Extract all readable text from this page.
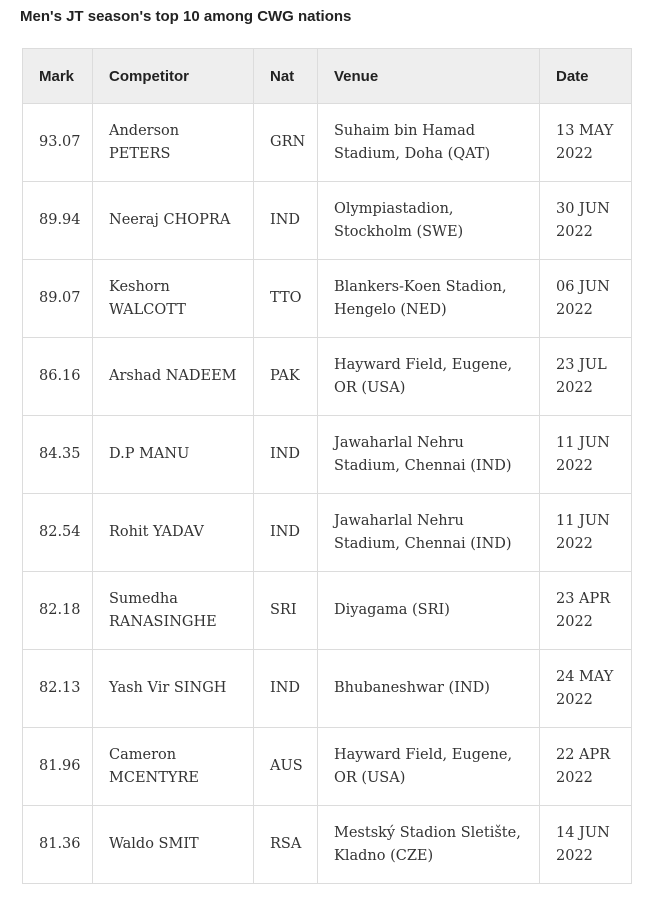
Men's JT season's top 10 among CWG nations
Mark	Competitor	Nat	Venue	Date
93.07	Anderson PETERS	GRN	Suhaim bin Hamad Stadium, Doha (QAT)	13 MAY 2022
89.94	Neeraj CHOPRA	IND	Olympiastadion, Stockholm (SWE)	30 JUN 2022
89.07	Keshorn WALCOTT	TTO	Blankers-Koen Stadion, Hengelo (NED)	06 JUN 2022
86.16	Arshad NADEEM	PAK	Hayward Field, Eugene, OR (USA)	23 JUL 2022
84.35	D.P MANU	IND	Jawaharlal Nehru Stadium, Chennai (IND)	11 JUN 2022
82.54	Rohit YADAV	IND	Jawaharlal Nehru Stadium, Chennai (IND)	11 JUN 2022
82.18	Sumedha RANASINGHE	SRI	Diyagama (SRI)	23 APR 2022
82.13	Yash Vir SINGH	IND	Bhubaneshwar (IND)	24 MAY 2022
81.96	Cameron MCENTYRE	AUS	Hayward Field, Eugene, OR (USA)	22 APR 2022
81.36	Waldo SMIT	RSA	Mestský Stadion Sletište, Kladno (CZE)	14 JUN 2022
